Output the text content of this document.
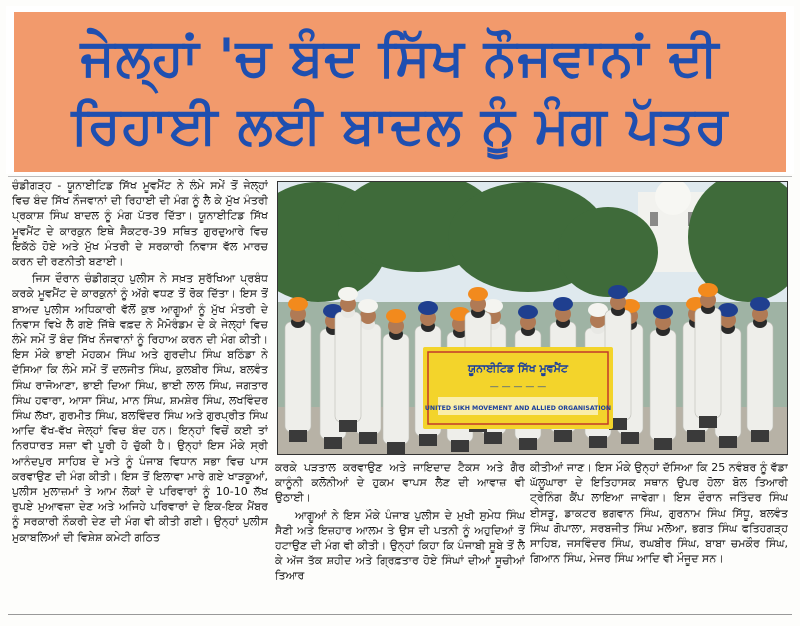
ਜੇਲ੍ਹਾਂ 'ਚ ਬੰਦ ਸਿੱਖ ਨੌਜਵਾਨਾਂ ਦੀ
ਰਿਹਾਈ ਲਈ ਬਾਦਲ ਨੂੰ ਮੰਗ ਪੱਤਰ

ਚੰਡੀਗੜ੍ਹ - ਯੂਨਾਈਟਿਡ ਸਿੱਖ ਮੂਵਮੈਂਟ ਨੇ ਲੰਮੇ ਸਮੇਂ ਤੋਂ ਜੇਲ੍ਹਾਂ ਵਿਚ ਬੰਦ ਸਿੱਖ ਨੌਜਵਾਨਾਂ ਦੀ ਰਿਹਾਈ ਦੀ ਮੰਗ ਨੂੰ ਲੈ ਕੇ ਮੁੱਖ ਮੰਤਰੀ ਪ੍ਰਕਾਸ਼ ਸਿੰਘ ਬਾਦਲ ਨੂੰ ਮੰਗ ਪੱਤਰ ਦਿੱਤਾ। ਯੂਨਾਈਟਿਡ ਸਿੱਖ ਮੂਵਮੈਂਟ ਦੇ ਕਾਰਕੁਨ ਇਥੇ ਸੈਕਟਰ-39 ਸਥਿਤ ਗੁਰਦੁਆਰੇ ਵਿਚ ਇਕੱਠੇ ਹੋਏ ਅਤੇ ਮੁੱਖ ਮੰਤਰੀ ਦੇ ਸਰਕਾਰੀ ਨਿਵਾਸ ਵੱਲ ਮਾਰਚ ਕਰਨ ਦੀ ਰਣਨੀਤੀ ਬਣਾਈ।

ਜਿਸ ਦੌਰਾਨ ਚੰਡੀਗੜ੍ਹ ਪੁਲੀਸ ਨੇ ਸਖ਼ਤ ਸੁਰੱਖਿਆ ਪ੍ਰਬੰਧ ਕਰਕੇ ਮੂਵਮੈਂਟ ਦੇ ਕਾਰਕੁਨਾਂ ਨੂੰ ਅੱਗੇ ਵਧਣ ਤੋਂ ਰੋਕ ਦਿੱਤਾ। ਇਸ ਤੋਂ ਬਾਅਦ ਪੁਲੀਸ ਅਧਿਕਾਰੀ ਵੱਲੋਂ ਕੁਝ ਆਗੂਆਂ ਨੂੰ ਮੁੱਖ ਮੰਤਰੀ ਦੇ ਨਿਵਾਸ ਵਿਖੇ ਲੈ ਗਏ ਜਿੱਥੇ ਵਫ਼ਦ ਨੇ ਮੈਮੋਰੰਡਮ ਦੇ ਕੇ ਜੇਲ੍ਹਾਂ ਵਿਚ ਲੰਮੇ ਸਮੇਂ ਤੋਂ ਬੰਦ ਸਿੱਖ ਨੌਜਵਾਨਾਂ ਨੂੰ ਰਿਹਾਅ ਕਰਨ ਦੀ ਮੰਗ ਕੀਤੀ। ਇਸ ਮੌਕੇ ਭਾਈ ਮੋਹਕਮ ਸਿੰਘ ਅਤੇ ਗੁਰਦੀਪ ਸਿੰਘ ਬਠਿੰਡਾ ਨੇ ਦੱਸਿਆ ਕਿ ਲੰਮੇ ਸਮੇਂ ਤੋਂ ਦਲਜੀਤ ਸਿੰਘ, ਕੁਲਬੀਰ ਸਿੰਘ, ਬਲਵੰਤ ਸਿੰਘ ਰਾਜੋਆਣਾ, ਭਾਈ ਦਿਆ ਸਿੰਘ, ਭਾਈ ਲਾਲ ਸਿੰਘ, ਜਗਤਾਰ ਸਿੰਘ ਹਵਾਰਾ, ਆਸਾ ਸਿੰਘ, ਮਾਨ ਸਿੰਘ, ਸ਼ਮਸ਼ੇਰ ਸਿੰਘ, ਲਖਵਿੰਦਰ ਸਿੰਘ ਲੱਖਾ, ਗੁਰਮੀਤ ਸਿੰਘ, ਬਲਵਿੰਦਰ ਸਿੰਘ ਅਤੇ ਗੁਰਪ੍ਰੀਤ ਸਿੰਘ ਆਦਿ ਵੱਖ-ਵੱਖ ਜੇਲ੍ਹਾਂ ਵਿਚ ਬੰਦ ਹਨ। ਇਨ੍ਹਾਂ ਵਿਚੋਂ ਕਈ ਤਾਂ ਨਿਰਧਾਰਤ ਸਜ਼ਾ ਵੀ ਪੂਰੀ ਹੋ ਚੁੱਕੀ ਹੈ। ਉਨ੍ਹਾਂ ਇਸ ਮੌਕੇ ਸ੍ਰੀ ਆਨੰਦਪੁਰ ਸਾਹਿਬ ਦੇ ਮਤੇ ਨੂੰ ਪੰਜਾਬ ਵਿਧਾਨ ਸਭਾ ਵਿਚ ਪਾਸ ਕਰਵਾਉਣ ਦੀ ਮੰਗ ਕੀਤੀ। ਇਸ ਤੋਂ ਇਲਾਵਾ ਮਾਰੇ ਗਏ ਖਾੜਕੂਆਂ, ਪੁਲੀਸ ਮੁਲਾਜ਼ਮਾਂ ਤੇ ਆਮ ਲੋਕਾਂ ਦੇ ਪਰਿਵਾਰਾਂ ਨੂੰ 10-10 ਲੱਖ ਰੁਪਏ ਮੁਆਵਜ਼ਾ ਦੇਣ ਅਤੇ ਅਜਿਹੇ ਪਰਿਵਾਰਾਂ ਦੇ ਇਕ-ਇਕ ਮੈਂਬਰ ਨੂੰ ਸਰਕਾਰੀ ਨੌਕਰੀ ਦੇਣ ਦੀ ਮੰਗ ਵੀ ਕੀਤੀ ਗਈ। ਉਨ੍ਹਾਂ ਪੁਲੀਸ ਮੁਕਾਬਲਿਆਂ ਦੀ ਵਿਸ਼ੇਸ਼ ਕਮੇਟੀ ਗਠਿਤ

ਯੂਨਾਈਟਿਡ ਸਿੱਖ ਮੂਵਮੈਂਟ
— — — — —
UNITED SIKH MOVEMENT AND ALLIED ORGANISATION

ਕਰਕੇ ਪੜਤਾਲ ਕਰਵਾਉਣ ਅਤੇ ਜਾਇਦਾਦ ਟੈਕਸ ਅਤੇ ਗੈਰ ਕਾਨੂੰਨੀ ਕਲੋਨੀਆਂ ਦੇ ਹੁਕਮ ਵਾਪਸ ਲੈਣ ਦੀ ਆਵਾਜ਼ ਵੀ ਉਠਾਈ।

ਆਗੂਆਂ ਨੇ ਇਸ ਮੌਕੇ ਪੰਜਾਬ ਪੁਲੀਸ ਦੇ ਮੁਖੀ ਸੁਮੇਧ ਸਿੰਘ ਸੈਣੀ ਅਤੇ ਇਜ਼ਹਾਰ ਆਲਮ ਤੇ ਉਸ ਦੀ ਪਤਨੀ ਨੂੰ ਅਹੁਦਿਆਂ ਤੋਂ ਹਟਾਉਣ ਦੀ ਮੰਗ ਵੀ ਕੀਤੀ। ਉਨ੍ਹਾਂ ਕਿਹਾ ਕਿ ਪੰਜਾਬੀ ਸੂਬੇ ਤੋਂ ਲੈ ਕੇ ਅੱਜ ਤੱਕ ਸ਼ਹੀਦ ਅਤੇ ਗ੍ਰਿਫ਼ਤਾਰ ਹੋਏ ਸਿੰਘਾਂ ਦੀਆਂ ਸੂਚੀਆਂ ਤਿਆਰ

ਕੀਤੀਆਂ ਜਾਣ। ਇਸ ਮੌਕੇ ਉਨ੍ਹਾਂ ਦੱਸਿਆ ਕਿ 25 ਨਵੰਬਰ ਨੂੰ ਵੱਡਾ ਘੱਲੂਘਾਰਾ ਦੇ ਇਤਿਹਾਸਕ ਸਥਾਨ ਉਪਰ ਹੋਲਾ ਬੋਲ ਤਿਆਰੀ ਟ੍ਰੇਨਿੰਗ ਕੈਂਪ ਲਾਇਆ ਜਾਵੇਗਾ। ਇਸ ਦੌਰਾਨ ਜਤਿੰਦਰ ਸਿੰਘ ਈਸੜੂ, ਡਾਕਟਰ ਭਗਵਾਨ ਸਿੰਘ, ਗੁਰਨਾਮ ਸਿੰਘ ਸਿੱਧੂ, ਬਲਵੰਤ ਸਿੰਘ ਗੋਪਾਲਾ, ਸਰਬਜੀਤ ਸਿੰਘ ਮਲੋਆ, ਭਗਤ ਸਿੰਘ ਫਤਿਹਗੜ੍ਹ ਸਾਹਿਬ, ਜਸਵਿੰਦਰ ਸਿੰਘ, ਰਘਬੀਰ ਸਿੰਘ, ਬਾਬਾ ਚਮਕੌਰ ਸਿੰਘ, ਗਿਆਨ ਸਿੰਘ, ਮੇਜਰ ਸਿੰਘ ਆਦਿ ਵੀ ਮੌਜੂਦ ਸਨ।
